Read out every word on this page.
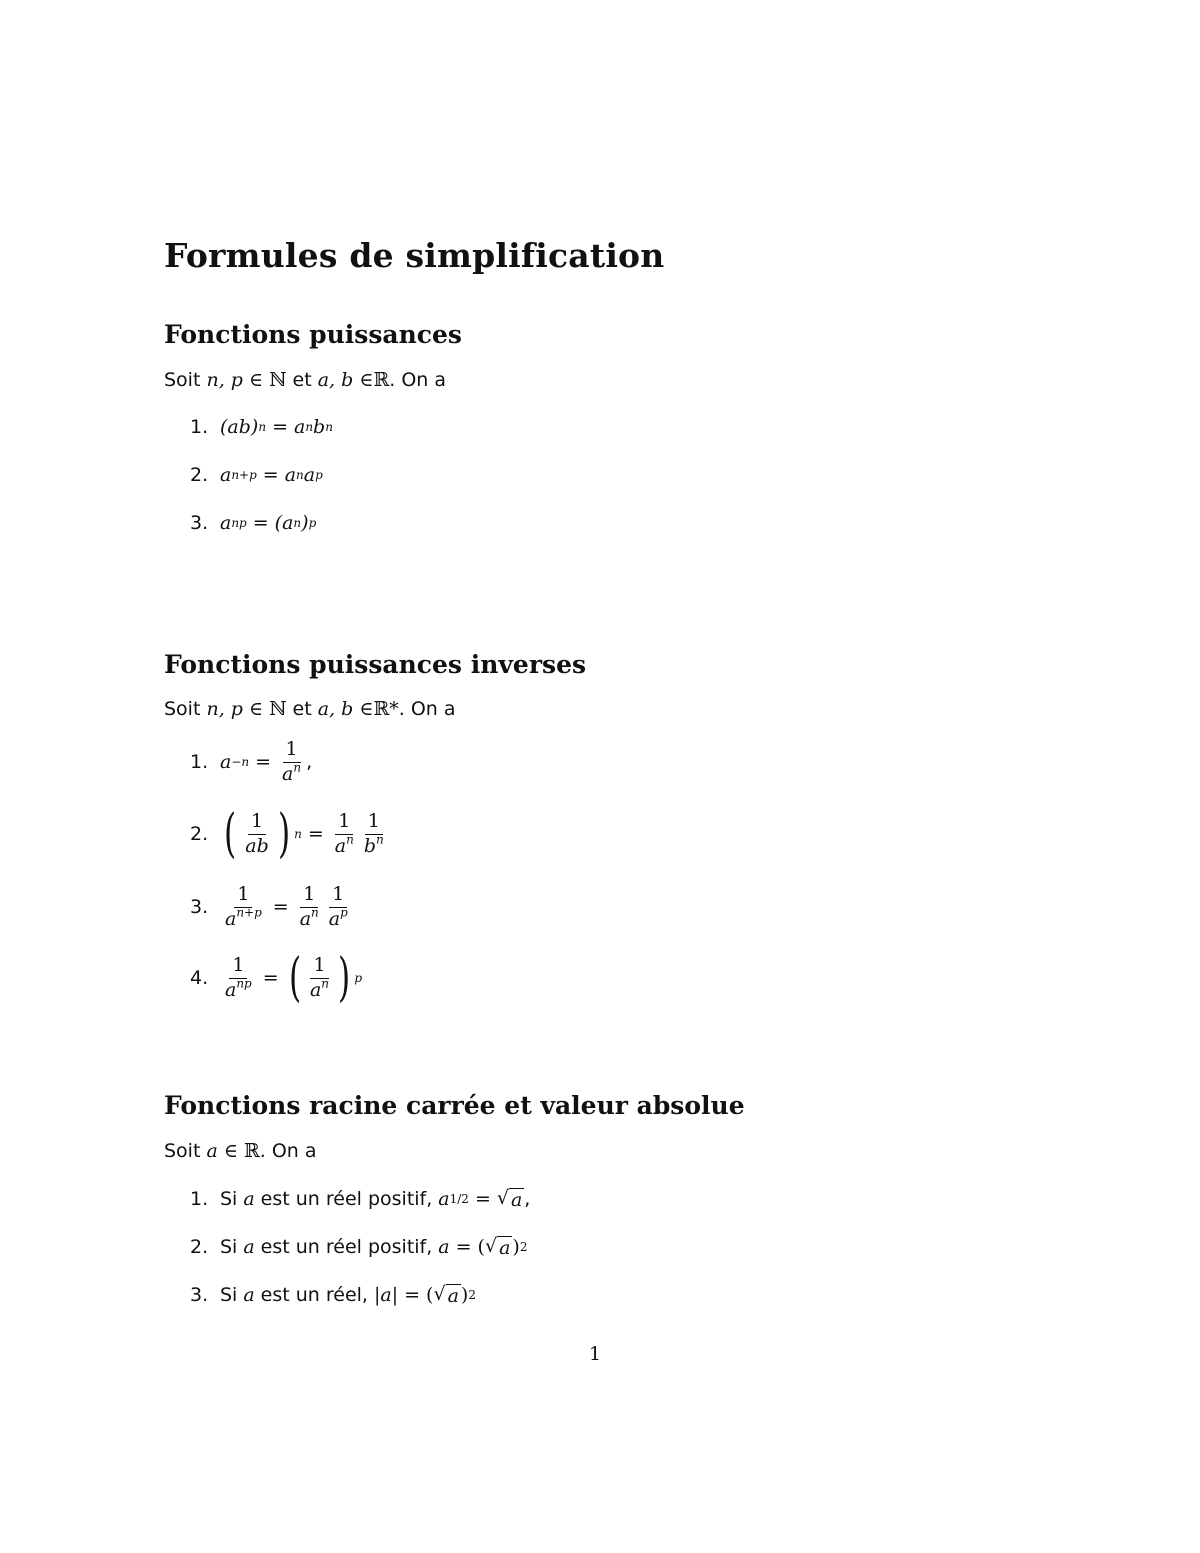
Formules de simplification
Fonctions puissances

Soit n, p ∈ ℕ et a, b ∈ℝ. On a

1. (ab) n = a n b n
2. a n+p = a n a p
3. a np = (a n ) p
Fonctions puissances inverses

Soit n, p ∈ ℕ et a, b ∈ℝ*. On a

1. $a -n = \frac{1}{a^n}$ ,
2. ( $\frac{1}{ab}$ ) $n = \frac{1}{a^n} \frac{1}{b^n}$
3. $\frac{1}{a^{n+p}} = \frac{1}{a^n} \frac{1}{a^p}$
4. $\frac{1}{a^{np}}$ = ( $\frac{1}{a^n}$ ) p
Fonctions racine carrée et valeur absolue

Soit a ∈ ℝ. On a

1. Si a est un réel positif, a 1/2 = √ a ,
2. Si a est un réel positif, a = ( √ a ) 2
3. Si a est un réel, |a| = ( √ a ) 2
1
